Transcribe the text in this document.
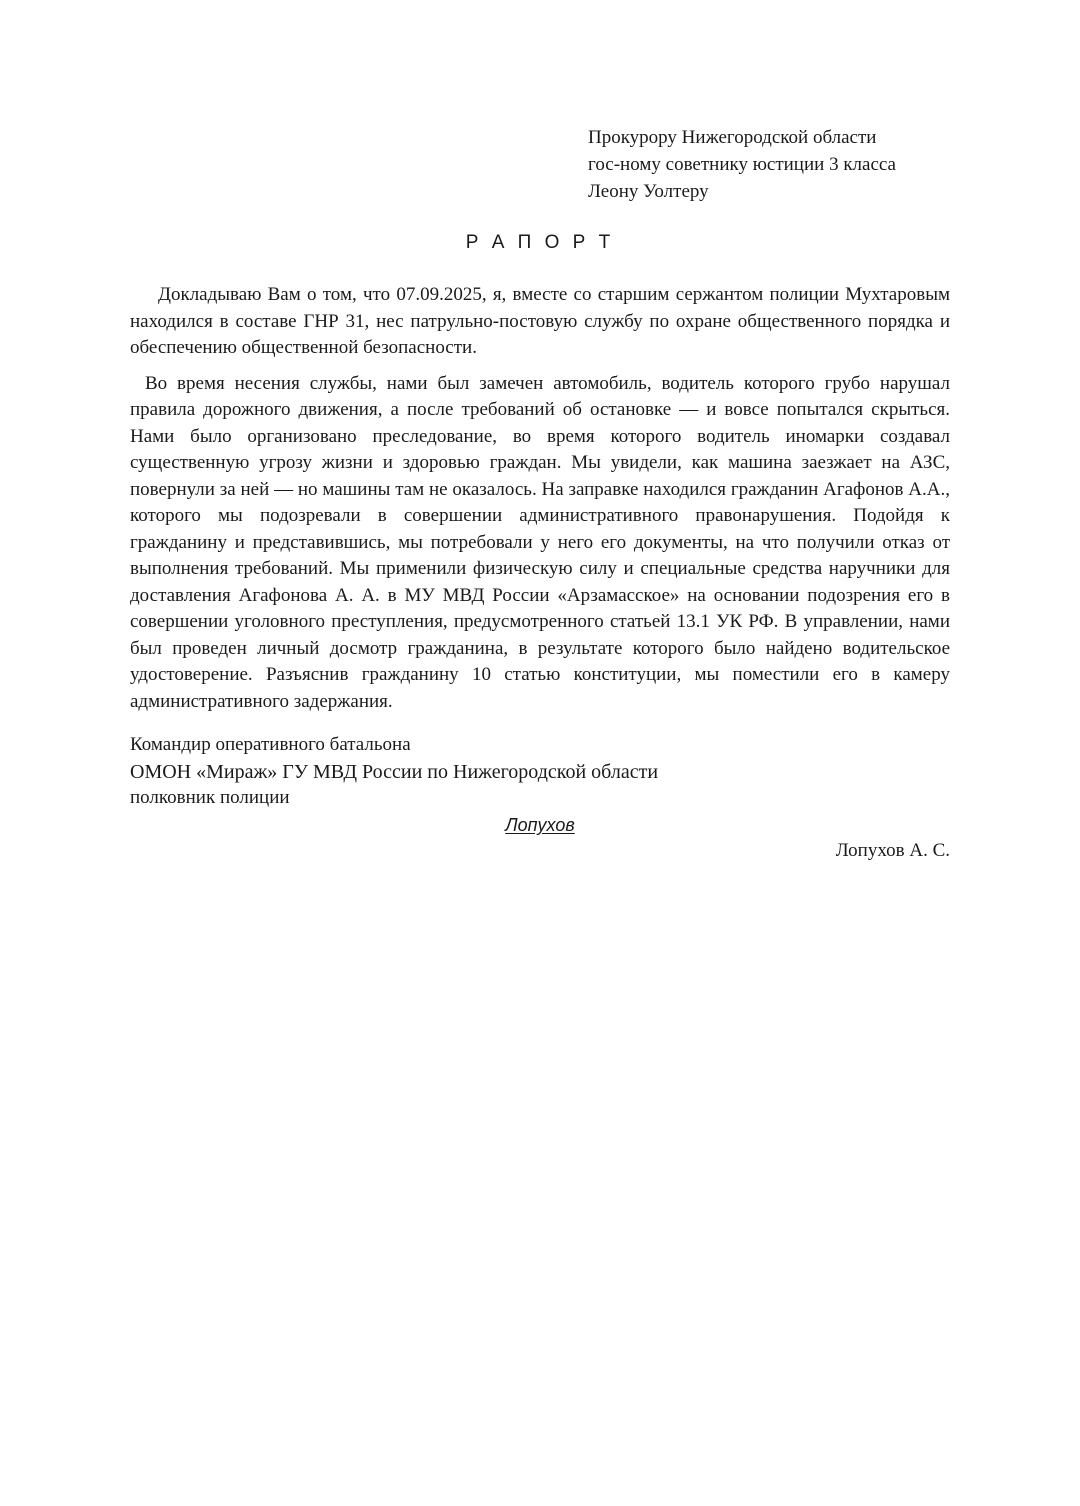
Прокурору Нижегородской области
гос-ному советнику юстиции 3 класса
Леону Уолтеру
Р А П О Р Т

Докладываю Вам о том, что 07.09.2025, я, вместе со старшим сержантом полиции Мухтаровым находился в составе ГНР 31, нес патрульно-постовую службу по охране общественного порядка и обеспечению общественной безопасности.

Во время несения службы, нами был замечен автомобиль, водитель которого грубо нарушал правила дорожного движения, а после требований об остановке — и вовсе попытался скрыться. Нами было организовано преследование, во время которого водитель иномарки создавал существенную угрозу жизни и здоровью граждан. Мы увидели, как машина заезжает на АЗС, повернули за ней — но машины там не оказалось. На заправке находился гражданин Агафонов А.А., которого мы подозревали в совершении административного правонарушения. Подойдя к гражданину и представившись, мы потребовали у него его документы, на что получили отказ от выполнения требований. Мы применили физическую силу и специальные средства наручники для доставления Агафонова А. А. в МУ МВД России «Арзамасское» на основании подозрения его в совершении уголовного преступления, предусмотренного статьей 13.1 УК РФ. В управлении, нами был проведен личный досмотр гражданина, в результате которого было найдено водительское удостоверение. Разъяснив гражданину 10 статью конституции, мы поместили его в камеру административного задержания.

Командир оперативного батальона
ОМОН «Мираж» ГУ МВД России по Нижегородской области
полковник полиции
Лопухов
Лопухов А. С.
